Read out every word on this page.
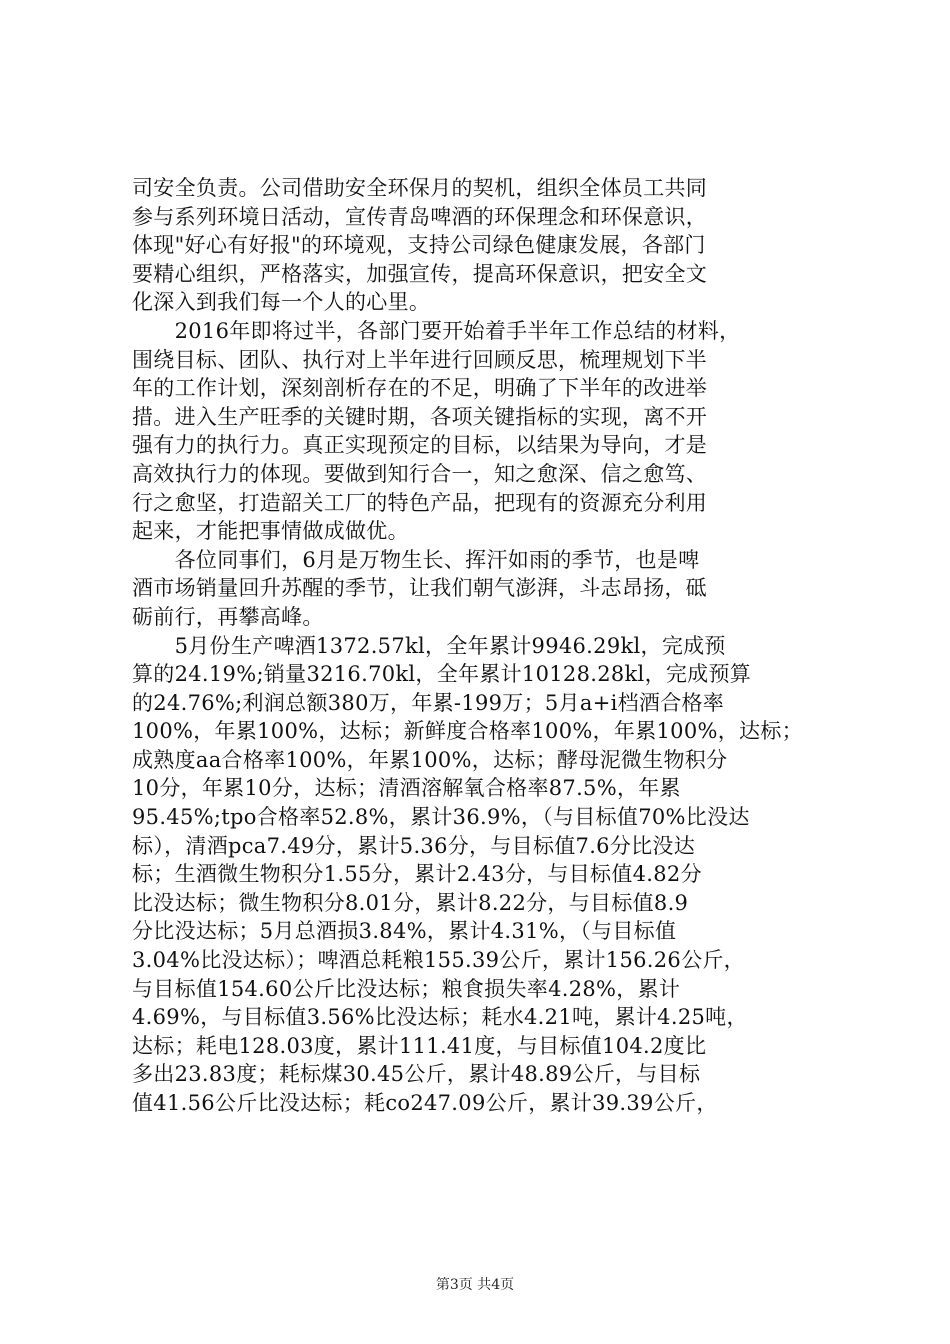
司安全负责。公司借助安全环保月的契机，组织全体员工共同
参与系列环境日活动，宣传青岛啤酒的环保理念和环保意识，
体现"好心有好报"的环境观，支持公司绿色健康发展，各部门
要精心组织，严格落实，加强宣传，提高环保意识，把安全文
化深入到我们每一个人的心里。
　　2016年即将过半，各部门要开始着手半年工作总结的材料，
围绕目标、团队、执行对上半年进行回顾反思，梳理规划下半
年的工作计划，深刻剖析存在的不足，明确了下半年的改进举
措。进入生产旺季的关键时期，各项关键指标的实现，离不开
强有力的执行力。真正实现预定的目标，以结果为导向，才是
高效执行力的体现。要做到知行合一，知之愈深、信之愈笃、
行之愈坚，打造韶关工厂的特色产品，把现有的资源充分利用
起来，才能把事情做成做优。
　　各位同事们，6月是万物生长、挥汗如雨的季节，也是啤
酒市场销量回升苏醒的季节，让我们朝气澎湃，斗志昂扬，砥
砺前行，再攀高峰。
　　5月份生产啤酒1372.57kl，全年累计9946.29kl，完成预
算的24.19%;销量3216.70kl，全年累计10128.28kl，完成预算
的24.76%;利润总额380万，年累-199万；5月a+i档酒合格率
100%，年累100%，达标；新鲜度合格率100%，年累100%，达标；
成熟度aa合格率100%，年累100%，达标；酵母泥微生物积分
10分，年累10分，达标；清酒溶解氧合格率87.5%，年累
95.45%;tpo合格率52.8%，累计36.9%，（与目标值70%比没达
标），清酒pca7.49分，累计5.36分，与目标值7.6分比没达
标；生酒微生物积分1.55分，累计2.43分，与目标值4.82分
比没达标；微生物积分8.01分，累计8.22分，与目标值8.9
分比没达标；5月总酒损3.84%，累计4.31%，（与目标值
3.04%比没达标）；啤酒总耗粮155.39公斤，累计156.26公斤，
与目标值154.60公斤比没达标；粮食损失率4.28%，累计
4.69%，与目标值3.56%比没达标；耗水4.21吨，累计4.25吨，
达标；耗电128.03度，累计111.41度，与目标值104.2度比
多出23.83度；耗标煤30.45公斤，累计48.89公斤，与目标
值41.56公斤比没达标；耗co247.09公斤，累计39.39公斤，
第3页 共4页
